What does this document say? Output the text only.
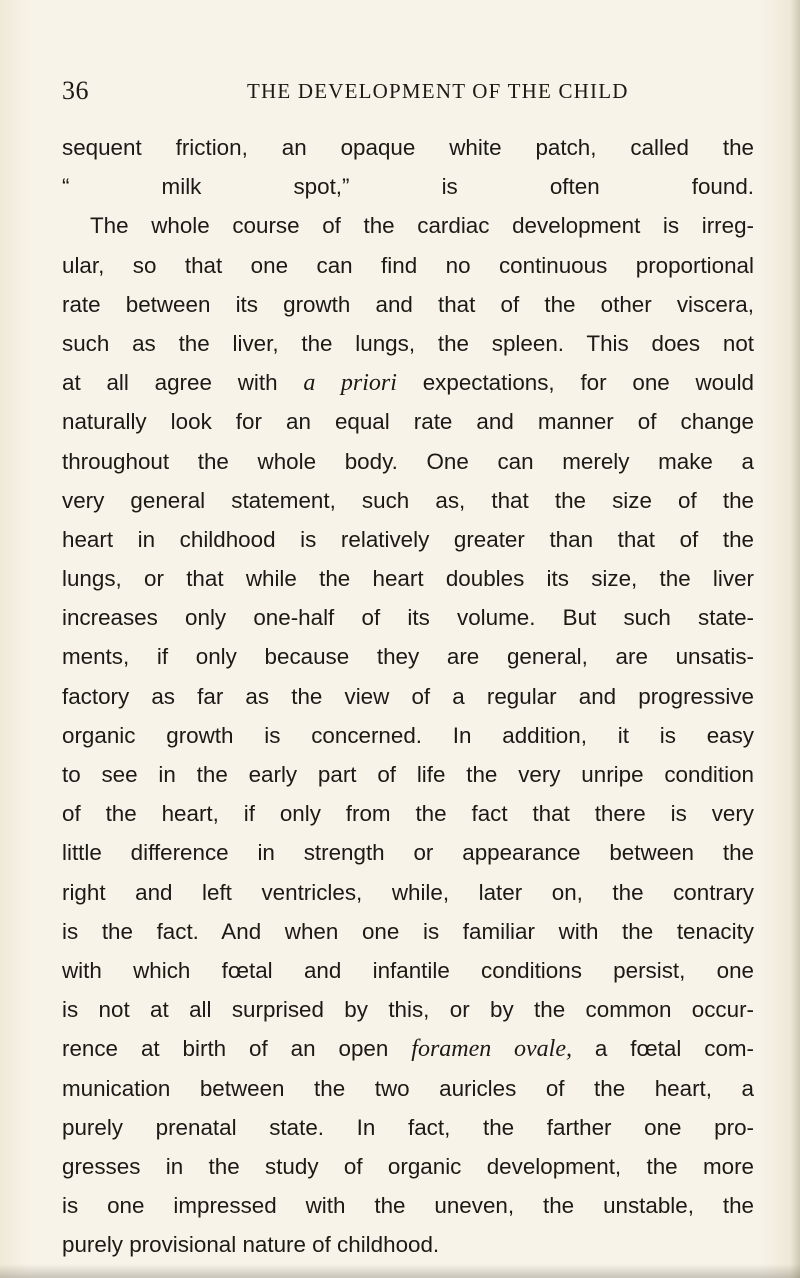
36	THE DEVELOPMENT OF THE CHILD
sequent friction, an opaque white patch, called the
“ milk spot,” is often found.
The whole course of the cardiac development is irreg-
ular, so that one can find no continuous proportional
rate between its growth and that of the other viscera,
such as the liver, the lungs, the spleen. This does not
at all agree with a priori expectations, for one would
naturally look for an equal rate and manner of change
throughout the whole body. One can merely make a
very general statement, such as, that the size of the
heart in childhood is relatively greater than that of the
lungs, or that while the heart doubles its size, the liver
increases only one-half of its volume. But such state-
ments, if only because they are general, are unsatis-
factory as far as the view of a regular and progressive
organic growth is concerned. In addition, it is easy
to see in the early part of life the very unripe condition
of the heart, if only from the fact that there is very
little difference in strength or appearance between the
right and left ventricles, while, later on, the contrary
is the fact. And when one is familiar with the tenacity
with which fœtal and infantile conditions persist, one
is not at all surprised by this, or by the common occur-
rence at birth of an open foramen ovale, a fœtal com-
munication between the two auricles of the heart, a
purely prenatal state. In fact, the farther one pro-
gresses in the study of organic development, the more
is one impressed with the uneven, the unstable, the
purely provisional nature of childhood.
